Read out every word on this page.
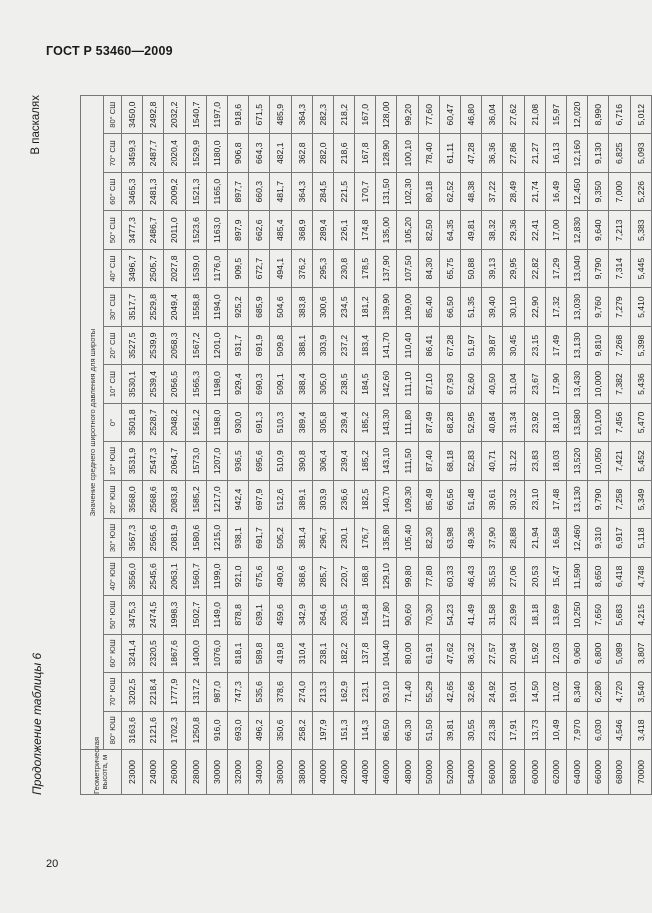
ГОСТ Р 53460—2009
Продолжение таблицы 6
В паскалях
Геометрическая высота, м	Значение среднего широтного давления для широты																
	80° ЮШ	70° ЮШ	60° ЮШ	50° ЮШ	40° ЮШ	30° ЮШ	20° ЮШ	10° ЮШ	0°	10° СШ	20° СШ	30° СШ	40° СШ	50° СШ	60° СШ	70° СШ	80° СШ
23000	3163,6	3202,5	3241,4	3475,3	3556,0	3567,3	3568,0	3531,9	3501,8	3530,1	3527,5	3517,7	3496,7	3477,3	3465,3	3459,3	3450,0
24000	2121,6	2218,4	2320,5	2474,5	2545,6	2565,6	2568,6	2547,3	2528,7	2539,4	2539,9	2529,8	2505,7	2486,7	2481,3	2487,7	2492,8
26000	1702,3	1777,9	1867,6	1998,3	2063,1	2081,9	2083,8	2064,7	2048,2	2056,5	2058,3	2049,4	2027,8	2011,0	2009,2	2020,4	2032,2
28000	1250,8	1317,2	1400,0	1502,7	1560,7	1580,6	1585,2	1573,0	1561,2	1565,3	1567,2	1558,8	1539,0	1523,6	1521,3	1529,9	1540,7
30000	916,0	987,0	1076,0	1149,0	1199,0	1215,0	1217,0	1207,0	1198,0	1198,0	1201,0	1194,0	1176,0	1163,0	1165,0	1180,0	1197,0
32000	693,0	747,3	818,1	878,8	921,0	938,1	942,4	936,5	930,0	929,4	931,7	925,2	909,5	897,9	897,7	906,8	918,6
34000	496,2	535,6	589,8	639,1	675,6	691,7	697,9	695,6	691,3	690,3	691,9	685,9	672,7	662,6	660,3	664,3	671,5
36000	350,6	378,6	419,8	459,6	490,6	505,2	512,6	510,9	510,3	509,1	509,8	504,6	494,1	485,4	481,7	482,1	485,9
38000	258,2	274,0	310,4	342,9	368,6	381,4	389,1	390,8	389,4	388,4	388,1	383,8	376,2	368,9	364,3	362,8	364,3
40000	197,9	213,3	238,1	264,6	285,7	296,7	303,9	306,4	305,8	305,0	303,9	300,6	295,3	289,4	284,5	282,0	282,3
42000	151,3	162,9	182,2	203,5	220,7	230,1	236,6	239,4	239,4	238,5	237,2	234,5	230,8	226,1	221,5	218,6	218,2
44000	114,3	123,1	137,8	154,8	168,8	176,7	182,5	185,2	185,2	184,5	183,4	181,2	178,5	174,8	170,7	167,8	167,0
46000	86,50	93,10	104,40	117,80	129,10	135,80	140,70	143,10	143,30	142,60	141,70	139,90	137,90	135,00	131,50	128,90	128,00
48000	66,30	71,40	80,00	90,60	99,80	105,40	109,30	111,50	111,80	111,10	110,40	109,00	107,50	105,20	102,30	100,10	99,20
50000	51,50	55,29	61,91	70,30	77,80	82,30	85,49	87,40	87,49	87,10	86,41	85,40	84,30	82,50	80,18	78,40	77,60
52000	39,81	42,65	47,62	54,23	60,33	63,98	66,56	68,18	68,28	67,93	67,28	66,50	65,75	64,35	62,52	61,11	60,47
54000	30,55	32,66	36,32	41,49	46,43	49,36	51,48	52,83	52,95	52,60	51,97	51,35	50,88	49,81	48,38	47,28	46,80
56000	23,38	24,92	27,57	31,58	35,53	37,90	39,61	40,71	40,84	40,50	39,87	39,40	39,13	38,32	37,22	36,36	36,04
58000	17,91	19,01	20,94	23,99	27,06	28,88	30,32	31,22	31,34	31,04	30,45	30,10	29,95	29,36	28,49	27,86	27,62
60000	13,73	14,50	15,92	18,18	20,53	21,94	23,10	23,83	23,92	23,67	23,15	22,90	22,82	22,41	21,74	21,27	21,08
62000	10,49	11,02	12,03	13,69	15,47	16,58	17,48	18,03	18,10	17,90	17,49	17,32	17,29	17,00	16,49	16,13	15,97
64000	7,970	8,340	9,060	10,250	11,590	12,460	13,130	13,520	13,580	13,430	13,130	13,030	13,040	12,830	12,450	12,160	12,020
66000	6,030	6,280	6,800	7,650	8,650	9,310	9,790	10,050	10,100	10,000	9,810	9,760	9,790	9,640	9,350	9,130	8,990
68000	4,546	4,720	5,089	5,683	6,418	6,917	7,258	7,421	7,456	7,382	7,268	7,279	7,314	7,213	7,000	6,825	6,716
70000	3,418	3,540	3,807	4,215	4,748	5,118	5,349	5,452	5,470	5,436	5,398	5,410	5,445	5,383	5,226	5,093	5,012
20
